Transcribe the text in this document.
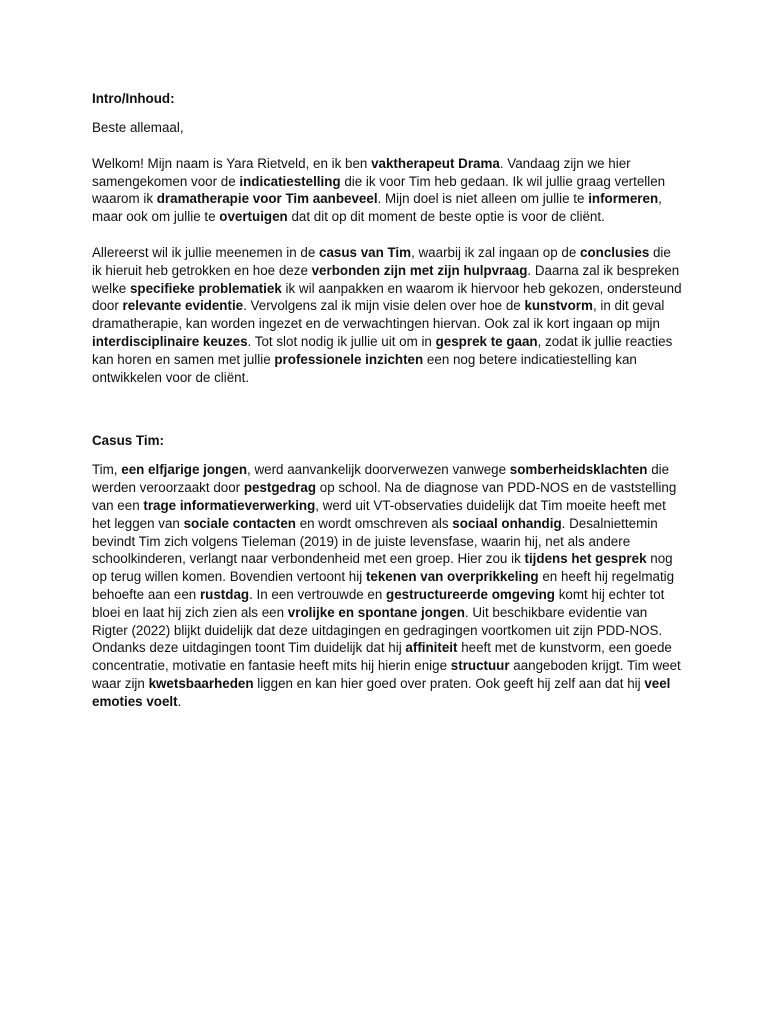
Intro/Inhoud:
Beste allemaal,
Welkom! Mijn naam is Yara Rietveld, en ik ben vaktherapeut Drama. Vandaag zijn we hier samengekomen voor de indicatiestelling die ik voor Tim heb gedaan. Ik wil jullie graag vertellen waarom ik dramatherapie voor Tim aanbeveel. Mijn doel is niet alleen om jullie te informeren, maar ook om jullie te overtuigen dat dit op dit moment de beste optie is voor de cliënt.
Allereerst wil ik jullie meenemen in de casus van Tim, waarbij ik zal ingaan op de conclusies die ik hieruit heb getrokken en hoe deze verbonden zijn met zijn hulpvraag. Daarna zal ik bespreken welke specifieke problematiek ik wil aanpakken en waarom ik hiervoor heb gekozen, ondersteund door relevante evidentie. Vervolgens zal ik mijn visie delen over hoe de kunstvorm, in dit geval dramatherapie, kan worden ingezet en de verwachtingen hiervan. Ook zal ik kort ingaan op mijn interdisciplinaire keuzes. Tot slot nodig ik jullie uit om in gesprek te gaan, zodat ik jullie reacties kan horen en samen met jullie professionele inzichten een nog betere indicatiestelling kan ontwikkelen voor de cliënt.
Casus Tim:
Tim, een elfjarige jongen, werd aanvankelijk doorverwezen vanwege somberheidsklachten die werden veroorzaakt door pestgedrag op school. Na de diagnose van PDD-NOS en de vaststelling van een trage informatieverwerking, werd uit VT-observaties duidelijk dat Tim moeite heeft met het leggen van sociale contacten en wordt omschreven als sociaal onhandig. Desalniettemin bevindt Tim zich volgens Tieleman (2019) in de juiste levensfase, waarin hij, net als andere schoolkinderen, verlangt naar verbondenheid met een groep. Hier zou ik tijdens het gesprek nog op terug willen komen. Bovendien vertoont hij tekenen van overprikkeling en heeft hij regelmatig behoefte aan een rustdag. In een vertrouwde en gestructureerde omgeving komt hij echter tot bloei en laat hij zich zien als een vrolijke en spontane jongen. Uit beschikbare evidentie van Rigter (2022) blijkt duidelijk dat deze uitdagingen en gedragingen voortkomen uit zijn PDD-NOS. Ondanks deze uitdagingen toont Tim duidelijk dat hij affiniteit heeft met de kunstvorm, een goede concentratie, motivatie en fantasie heeft mits hij hierin enige structuur aangeboden krijgt. Tim weet waar zijn kwetsbaarheden liggen en kan hier goed over praten. Ook geeft hij zelf aan dat hij veel emoties voelt.
